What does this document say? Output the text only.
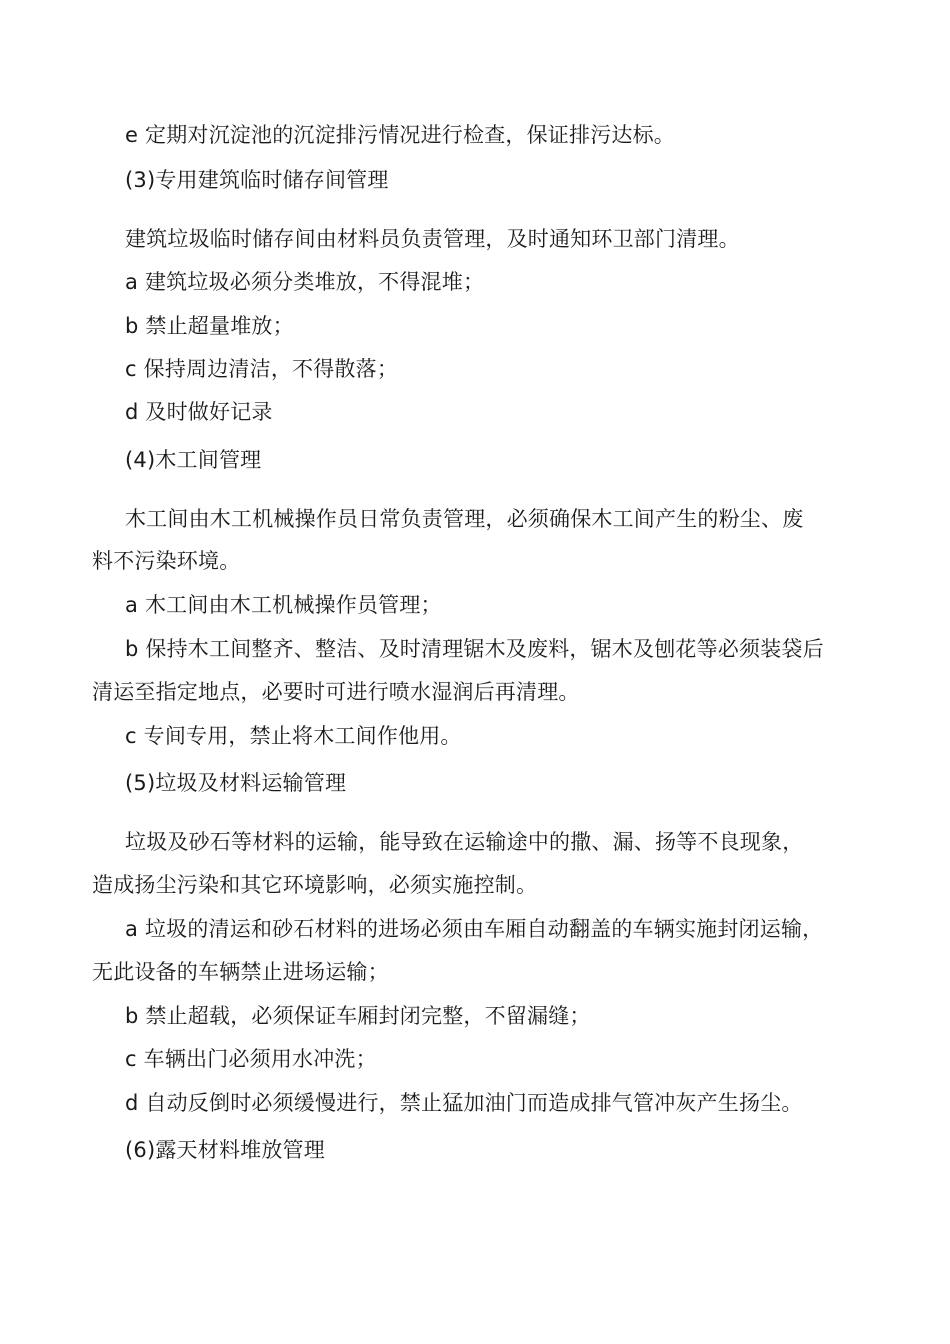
e 定期对沉淀池的沉淀排污情况进行检查，保证排污达标。
(3)专用建筑临时储存间管理
建筑垃圾临时储存间由材料员负责管理，及时通知环卫部门清理。
a 建筑垃圾必须分类堆放，不得混堆；
b 禁止超量堆放；
c 保持周边清洁，不得散落；
d 及时做好记录
(4)木工间管理
木工间由木工机械操作员日常负责管理，必须确保木工间产生的粉尘、废
料不污染环境。
a 木工间由木工机械操作员管理；
b 保持木工间整齐、整洁、及时清理锯木及废料，锯木及刨花等必须装袋后
清运至指定地点，必要时可进行喷水湿润后再清理。
c 专间专用，禁止将木工间作他用。
(5)垃圾及材料运输管理
垃圾及砂石等材料的运输，能导致在运输途中的撒、漏、扬等不良现象，
造成扬尘污染和其它环境影响，必须实施控制。
a 垃圾的清运和砂石材料的进场必须由车厢自动翻盖的车辆实施封闭运输，
无此设备的车辆禁止进场运输；
b 禁止超载，必须保证车厢封闭完整，不留漏缝；
c 车辆出门必须用水冲洗；
d 自动反倒时必须缓慢进行，禁止猛加油门而造成排气管冲灰产生扬尘。
(6)露天材料堆放管理
